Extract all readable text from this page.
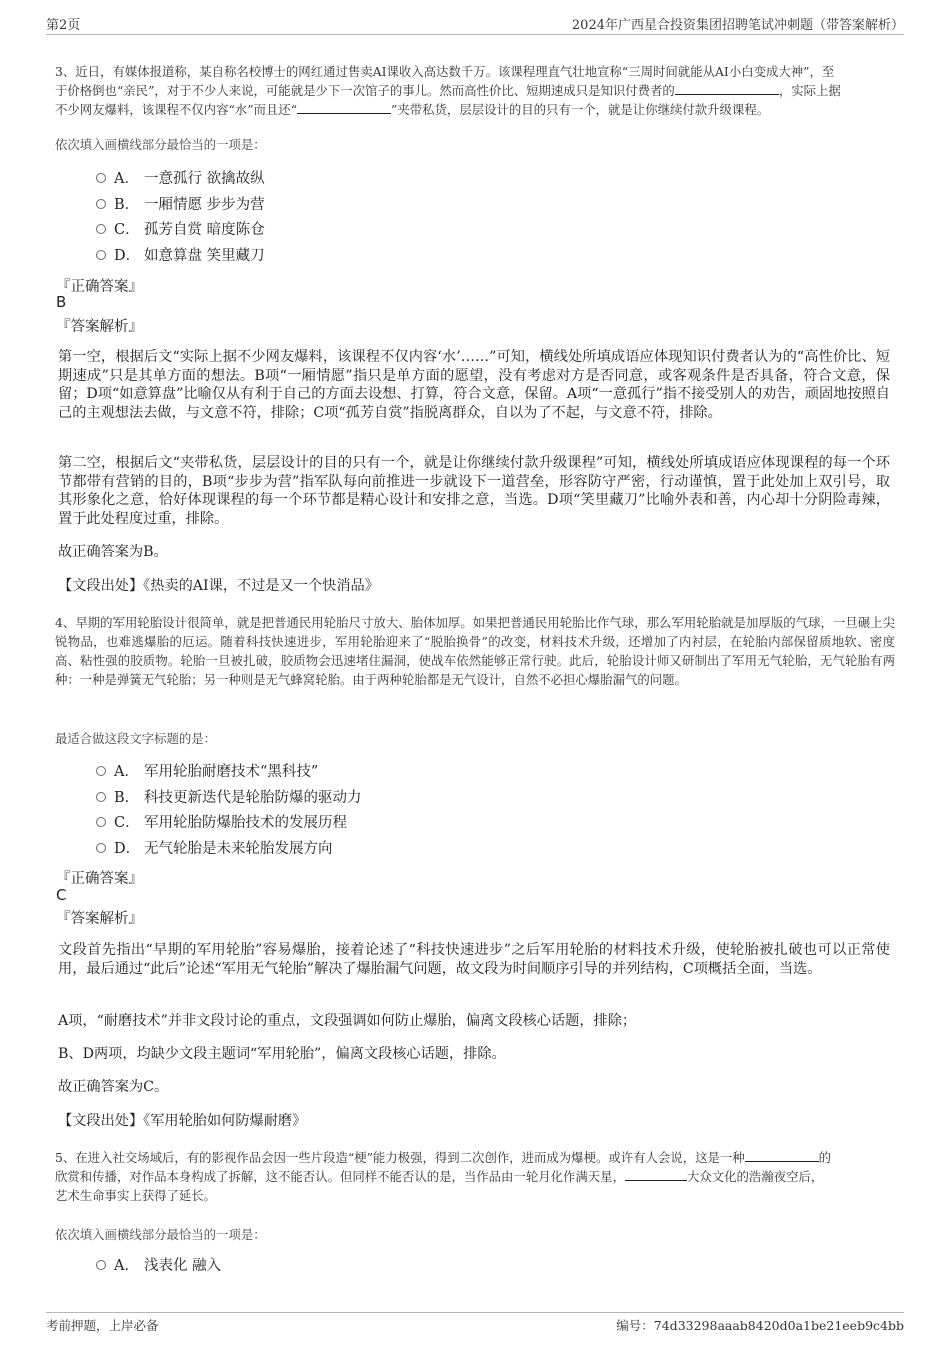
第2页	2024年广西星合投资集团招聘笔试冲刺题（带答案解析）

3、近日，有媒体报道称，某自称名校博士的网红通过售卖AI课收入高达数千万。该课程理直气壮地宣称“三周时间就能从AI小白变成大神”，至

于价格倒也“亲民”，对于不少人来说，可能就是少下一次馆子的事儿。然而高性价比、短期速成只是知识付费者的	，实际上据

不少网友爆料，该课程不仅内容“水”而且还“	”夹带私货，层层设计的目的只有一个，就是让你继续付款升级课程。

依次填入画横线部分最恰当的一项是：

A． 一意孤行 欲擒故纵
B． 一厢情愿 步步为营
C． 孤芳自赏 暗度陈仓
D． 如意算盘 笑里藏刀
『正确答案』
B
『答案解析』

第一空，根据后文“实际上据不少网友爆料，该课程不仅内容‘水’……”可知，横线处所填成语应体现知识付费者认为的“高性价比、短期速成”只是其单方面的想法。B项“一厢情愿”指只是单方面的愿望，没有考虑对方是否同意，或客观条件是否具备，符合文意，保留；D项“如意算盘”比喻仅从有利于自己的方面去设想、打算，符合文意，保留。A项“一意孤行”指不接受别人的劝告，顽固地按照自己的主观想法去做，与文意不符，排除；C项“孤芳自赏”指脱离群众，自以为了不起，与文意不符，排除。

第二空，根据后文“夹带私货，层层设计的目的只有一个，就是让你继续付款升级课程”可知，横线处所填成语应体现课程的每一个环节都带有营销的目的，B项“步步为营”指军队每向前推进一步就设下一道营垒，形容防守严密，行动谨慎，置于此处加上双引号，取其形象化之意，恰好体现课程的每一个环节都是精心设计和安排之意，当选。D项“笑里藏刀”比喻外表和善，内心却十分阴险毒辣，置于此处程度过重，排除。

故正确答案为B。

【文段出处】《热卖的AI课，不过是又一个快消品》

4、早期的军用轮胎设计很简单，就是把普通民用轮胎尺寸放大、胎体加厚。如果把普通民用轮胎比作气球，那么军用轮胎就是加厚版的气球，一旦碾上尖锐物品，也难逃爆胎的厄运。随着科技快速进步，军用轮胎迎来了“脱胎换骨”的改变，材料技术升级，还增加了内衬层，在轮胎内部保留质地软、密度高、粘性强的胶质物。轮胎一旦被扎破，胶质物会迅速堵住漏洞，使战车依然能够正常行驶。此后，轮胎设计师又研制出了军用无气轮胎，无气轮胎有两种：一种是弹簧无气轮胎；另一种则是无气蜂窝轮胎。由于两种轮胎都是无气设计，自然不必担心爆胎漏气的问题。

最适合做这段文字标题的是：

A． 军用轮胎耐磨技术“黑科技”
B． 科技更新迭代是轮胎防爆的驱动力
C． 军用轮胎防爆胎技术的发展历程
D． 无气轮胎是未来轮胎发展方向
『正确答案』
C
『答案解析』

文段首先指出“早期的军用轮胎”容易爆胎，接着论述了“科技快速进步”之后军用轮胎的材料技术升级，使轮胎被扎破也可以正常使用，最后通过“此后”论述“军用无气轮胎”解决了爆胎漏气问题，故文段为时间顺序引导的并列结构，C项概括全面，当选。

A项，“耐磨技术”并非文段讨论的重点，文段强调如何防止爆胎，偏离文段核心话题，排除；

B、D两项，均缺少文段主题词“军用轮胎”，偏离文段核心话题，排除。

故正确答案为C。

【文段出处】《军用轮胎如何防爆耐磨》

5、在进入社交场域后，有的影视作品会因一些片段造“梗”能力极强，得到二次创作，进而成为爆梗。或许有人会说，这是一种	的

欣赏和传播，对作品本身构成了拆解，这不能否认。但同样不能否认的是，当作品由一轮月化作满天星，	大众文化的浩瀚夜空后，

艺术生命事实上获得了延长。

依次填入画横线部分最恰当的一项是：

A． 浅表化 融入
考前押题，上岸必备	编号：74d33298aaab8420d0a1be21eeb9c4bb
